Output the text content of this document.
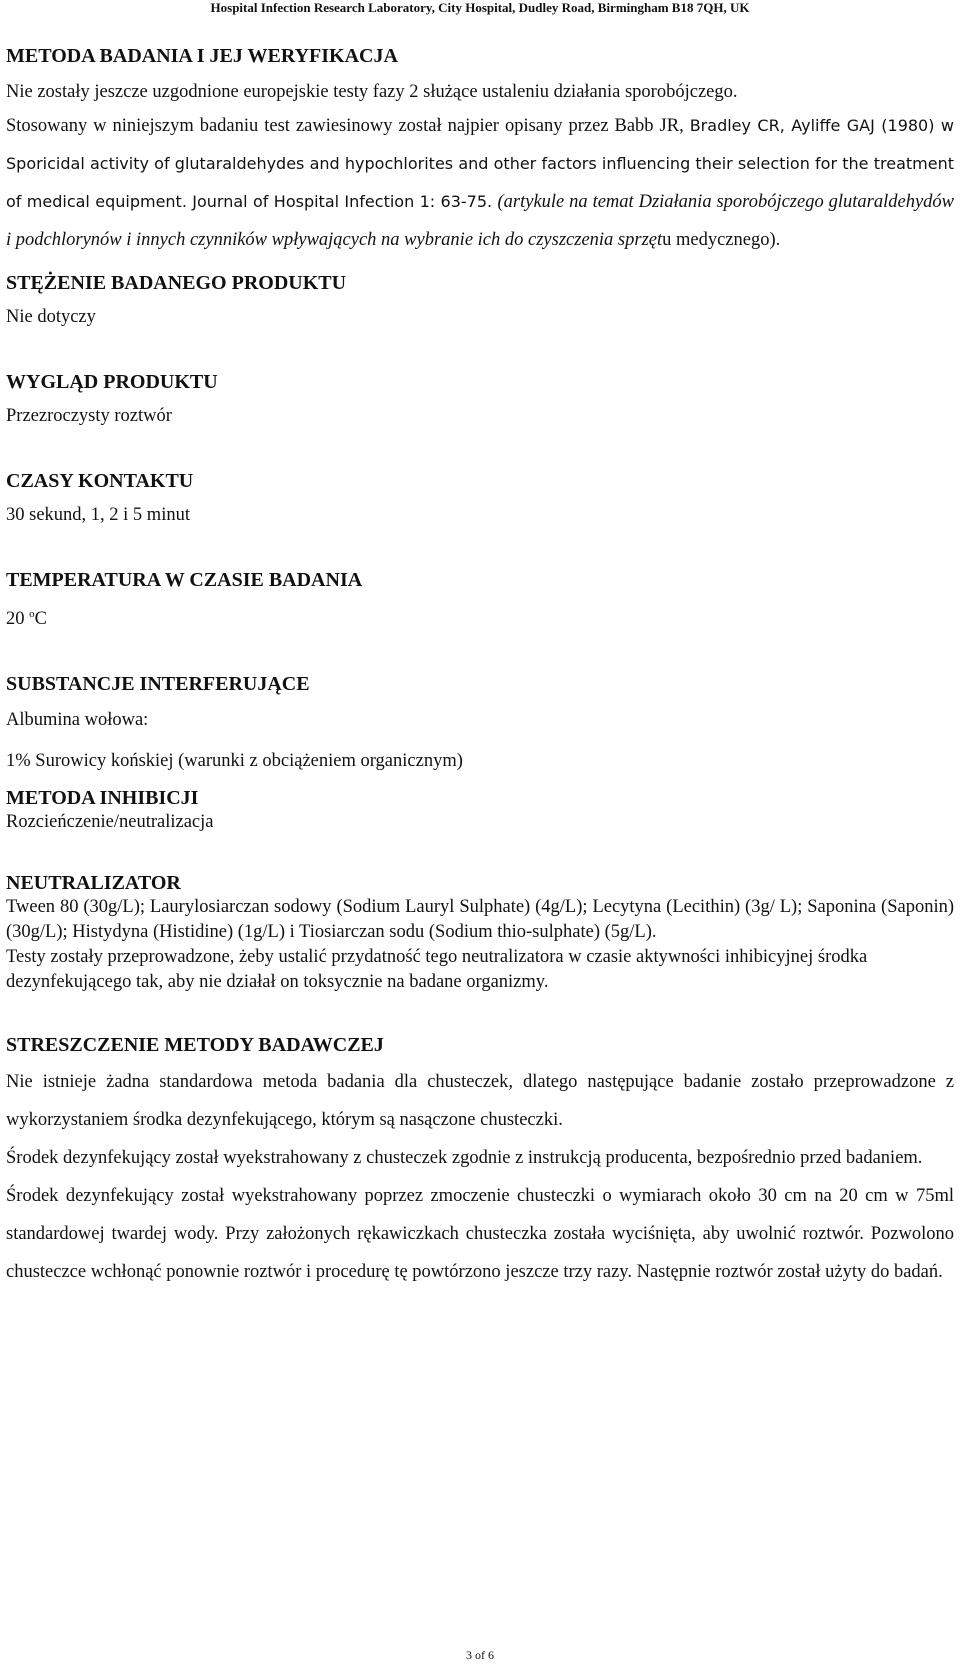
Hospital Infection Research Laboratory, City Hospital, Dudley Road, Birmingham B18 7QH, UK
METODA BADANIA I JEJ WERYFIKACJA

Nie zostały jeszcze uzgodnione europejskie testy fazy 2 służące ustaleniu działania sporobójczego.

Stosowany w niniejszym badaniu test zawiesinowy został najpier opisany przez Babb JR, Bradley CR, Ayliffe GAJ (1980) w Sporicidal activity of glutaraldehydes and hypochlorites and other factors influencing their selection for the treatment of medical equipment. Journal of Hospital Infection 1: 63-75. (artykule na temat Działania sporobójczego glutaraldehydów i podchlorynów i innych czynników wpływających na wybranie ich do czyszczenia sprzętu medycznego).

STĘŻENIE BADANEGO PRODUKTU

Nie dotyczy

WYGLĄD PRODUKTU

Przezroczysty roztwór

CZASY KONTAKTU

30 sekund, 1, 2 i 5 minut

TEMPERATURA W CZASIE BADANIA

20 $^o$C

SUBSTANCJE INTERFERUJĄCE

Albumina wołowa:

1% Surowicy końskiej (warunki z obciążeniem organicznym)

METODA INHIBICJI

Rozcieńczenie/neutralizacja

NEUTRALIZATOR

Tween 80 (30g/L); Laurylosiarczan sodowy (Sodium Lauryl Sulphate) (4g/L); Lecytyna (Lecithin) (3g/ L); Saponina (Saponin) (30g/L); Histydyna (Histidine) (1g/L) i Tiosiarczan sodu (Sodium thio-sulphate) (5g/L).

Testy zostały przeprowadzone, żeby ustalić przydatność tego neutralizatora w czasie aktywności inhibicyjnej środka dezynfekującego tak, aby nie działał on toksycznie na badane organizmy.

STRESZCZENIE METODY BADAWCZEJ

Nie istnieje żadna standardowa metoda badania dla chusteczek, dlatego następujące badanie zostało przeprowadzone z wykorzystaniem środka dezynfekującego, którym są nasączone chusteczki.

Środek dezynfekujący został wyekstrahowany z chusteczek zgodnie z instrukcją producenta, bezpośrednio przed badaniem.

Środek dezynfekujący został wyekstrahowany poprzez zmoczenie chusteczki o wymiarach około 30 cm na 20 cm w 75ml standardowej twardej wody. Przy założonych rękawiczkach chusteczka została wyciśnięta, aby uwolnić roztwór. Pozwolono chusteczce wchłonąć ponownie roztwór i procedurę tę powtórzono jeszcze trzy razy. Następnie roztwór został użyty do badań.

3 of 6
